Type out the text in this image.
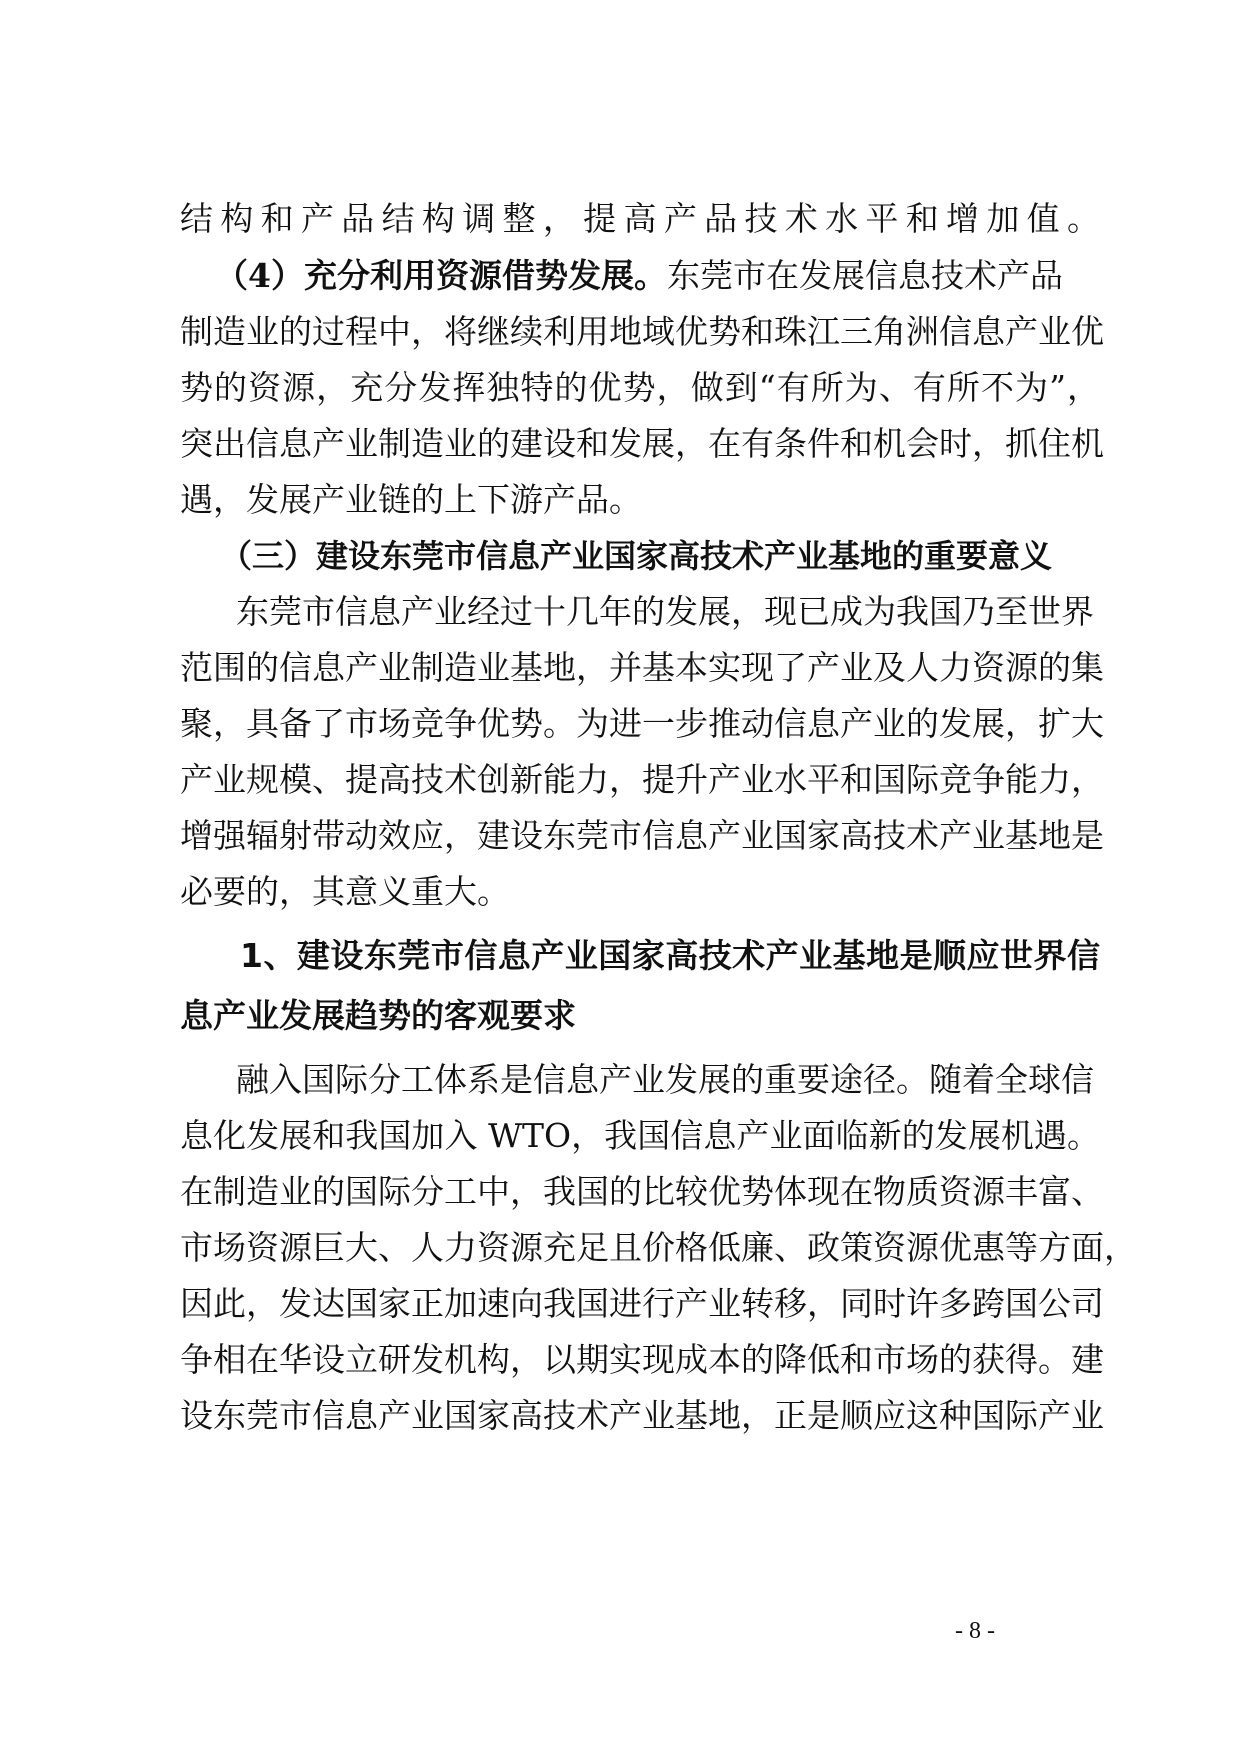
结构和产品结构调整，提高产品技术水平和增加值。
（4）充分利用资源借势发展。东莞市在发展信息技术产品
制造业的过程中，将继续利用地域优势和珠江三角洲信息产业优
势的资源，充分发挥独特的优势，做到“有所为、有所不为”，
突出信息产业制造业的建设和发展，在有条件和机会时，抓住机
遇，发展产业链的上下游产品。
（三）建设东莞市信息产业国家高技术产业基地的重要意义
东莞市信息产业经过十几年的发展，现已成为我国乃至世界
范围的信息产业制造业基地，并基本实现了产业及人力资源的集
聚，具备了市场竞争优势。为进一步推动信息产业的发展，扩大
产业规模、提高技术创新能力，提升产业水平和国际竞争能力，
增强辐射带动效应，建设东莞市信息产业国家高技术产业基地是
必要的，其意义重大。
1、建设东莞市信息产业国家高技术产业基地是顺应世界信
息产业发展趋势的客观要求
融入国际分工体系是信息产业发展的重要途径。随着全球信
息化发展和我国加入 WTO，我国信息产业面临新的发展机遇。
在制造业的国际分工中，我国的比较优势体现在物质资源丰富、
市场资源巨大、人力资源充足且价格低廉、政策资源优惠等方面，
因此，发达国家正加速向我国进行产业转移，同时许多跨国公司
争相在华设立研发机构，以期实现成本的降低和市场的获得。建
设东莞市信息产业国家高技术产业基地，正是顺应这种国际产业
- 8 -
